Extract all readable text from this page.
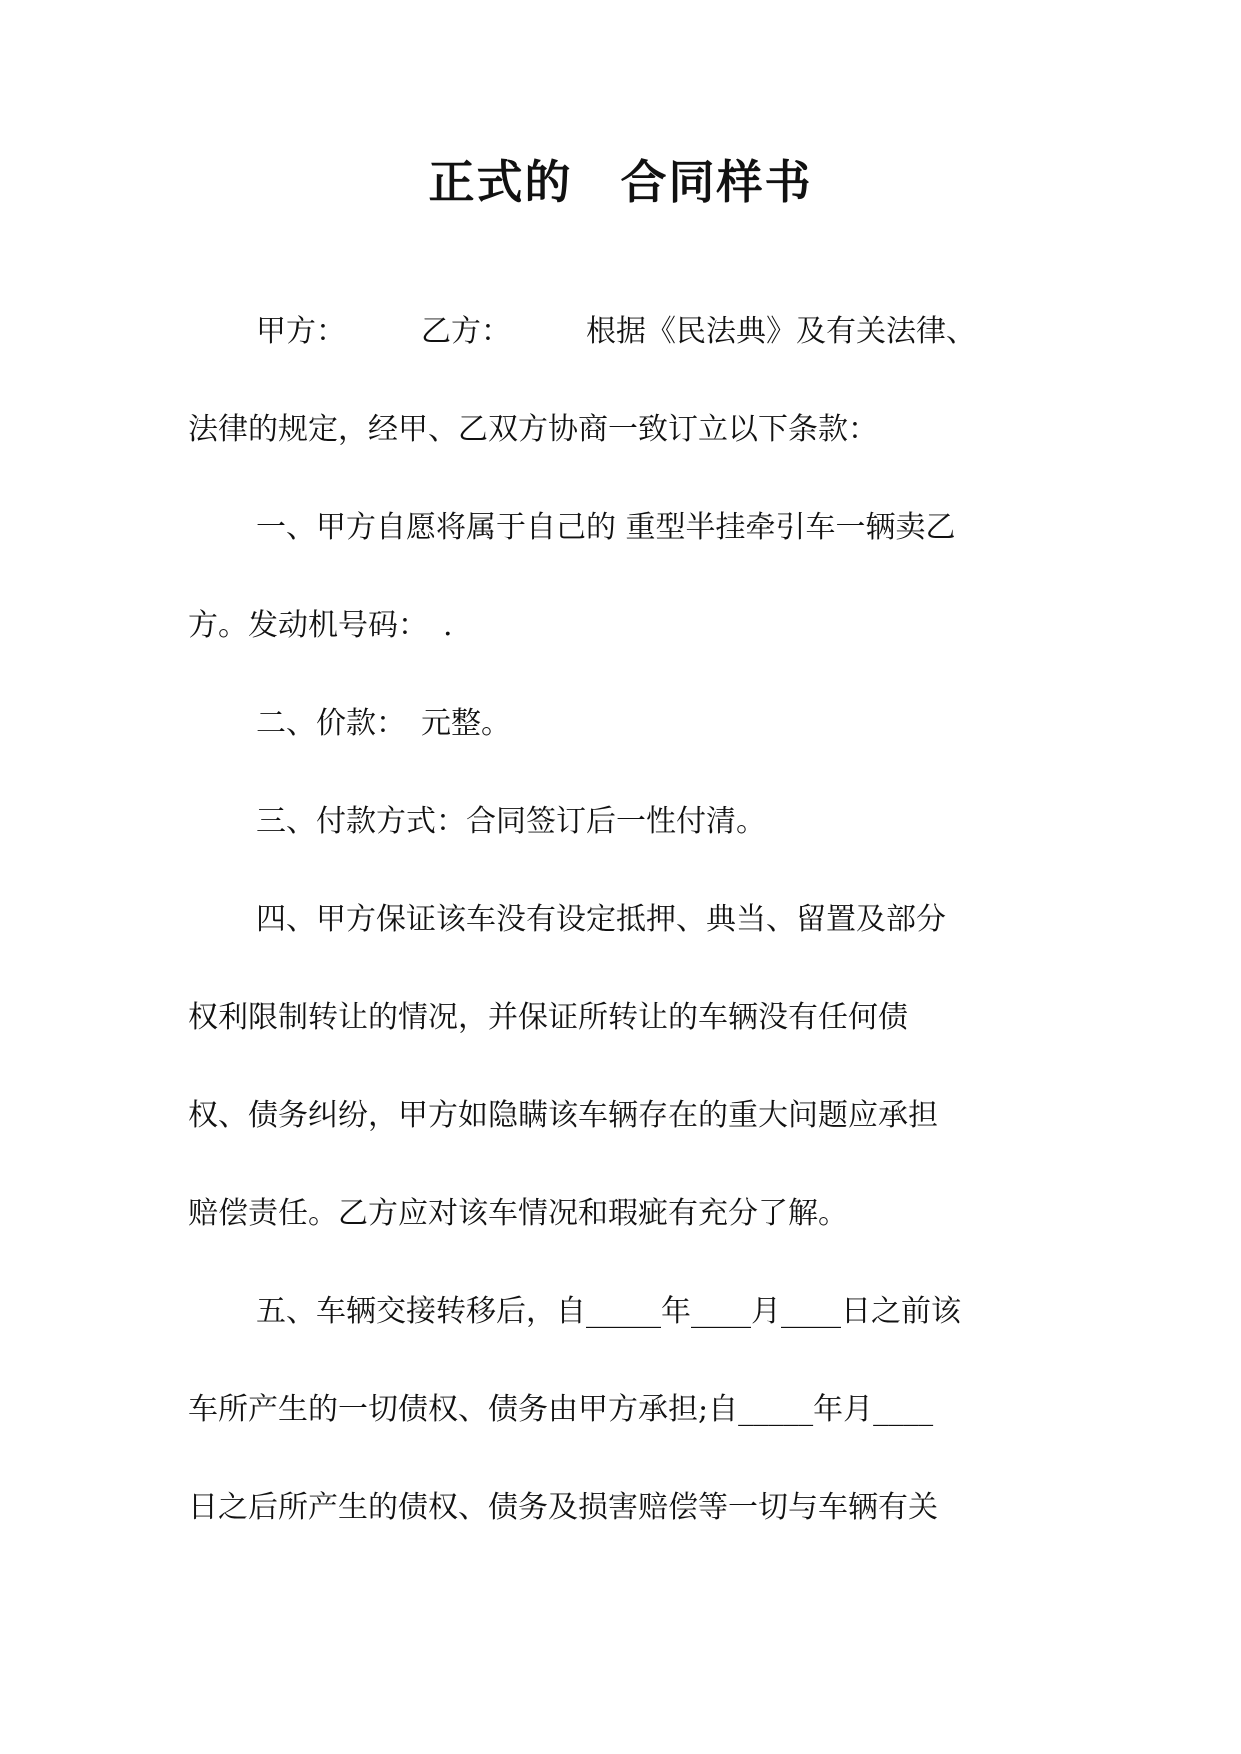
正式的　合同样书
甲方：　　　乙方：　　　根据《民法典》及有关法律、
法律的规定，经甲、乙双方协商一致订立以下条款：
一、甲方自愿将属于自己的 重型半挂牵引车一辆卖乙
方。发动机号码：　.
二、价款：　元整。
三、付款方式：合同签订后一性付清。
四、甲方保证该车没有设定抵押、典当、留置及部分
权利限制转让的情况，并保证所转让的车辆没有任何债
权、债务纠纷，甲方如隐瞒该车辆存在的重大问题应承担
赔偿责任。乙方应对该车情况和瑕疵有充分了解。
五、车辆交接转移后，自_____年____月____日之前该
车所产生的一切债权、债务由甲方承担;自_____年月____
日之后所产生的债权、债务及损害赔偿等一切与车辆有关
